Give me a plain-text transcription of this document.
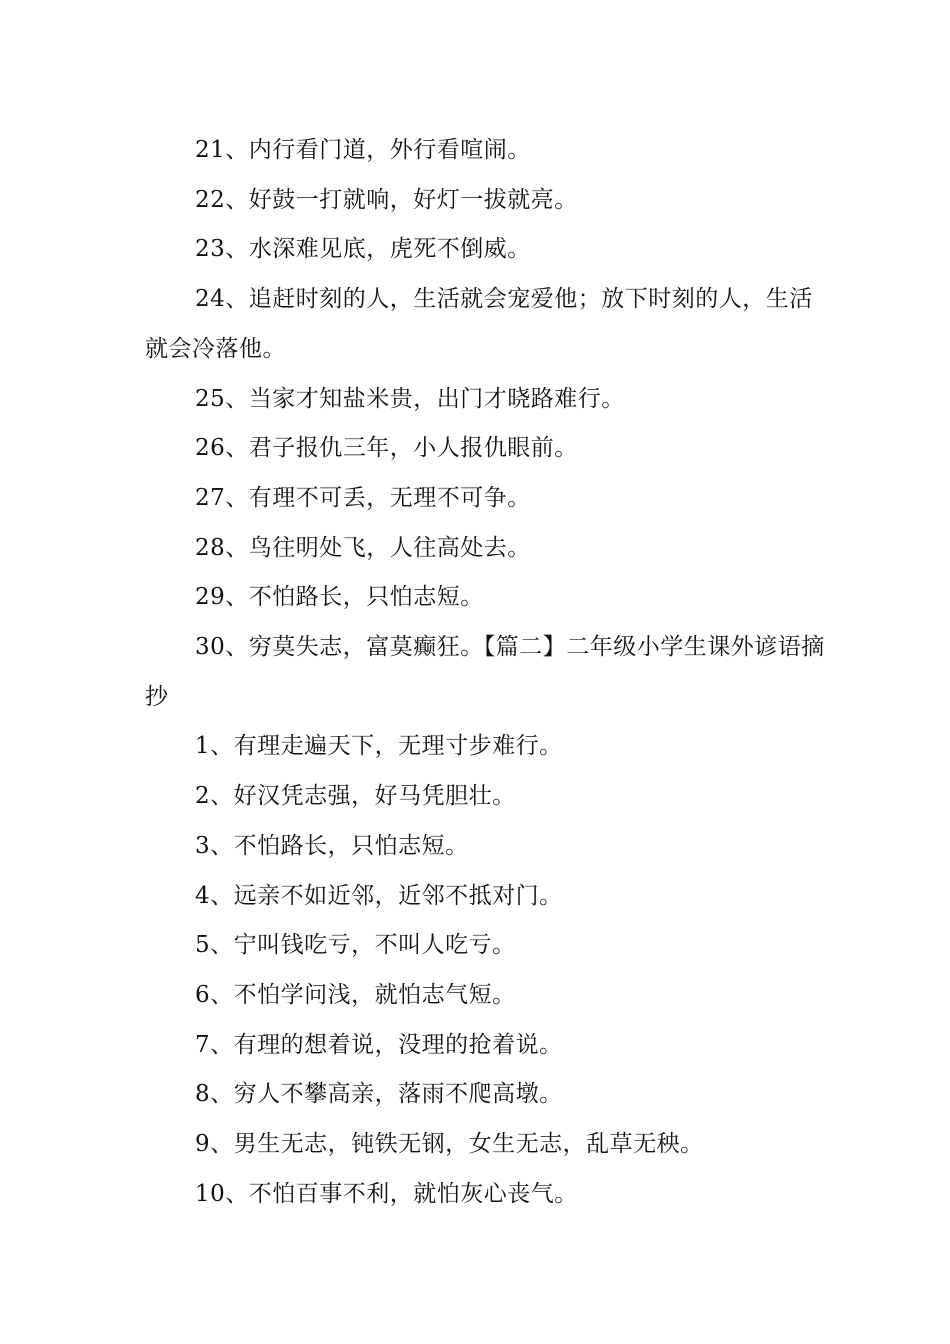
21、内行看门道，外行看喧闹。

22、好鼓一打就响，好灯一拔就亮。

23、水深难见底，虎死不倒威。

24、追赶时刻的人，生活就会宠爱他；放下时刻的人，生活就会冷落他。

25、当家才知盐米贵，出门才晓路难行。

26、君子报仇三年，小人报仇眼前。

27、有理不可丢，无理不可争。

28、鸟往明处飞，人往高处去。

29、不怕路长，只怕志短。

30、穷莫失志，富莫癫狂。【篇二】二年级小学生课外谚语摘抄

1、有理走遍天下，无理寸步难行。

2、好汉凭志强，好马凭胆壮。

3、不怕路长，只怕志短。

4、远亲不如近邻，近邻不抵对门。

5、宁叫钱吃亏，不叫人吃亏。

6、不怕学问浅，就怕志气短。

7、有理的想着说，没理的抢着说。

8、穷人不攀高亲，落雨不爬高墩。

9、男生无志，钝铁无钢，女生无志，乱草无秧。

10、不怕百事不利，就怕灰心丧气。
